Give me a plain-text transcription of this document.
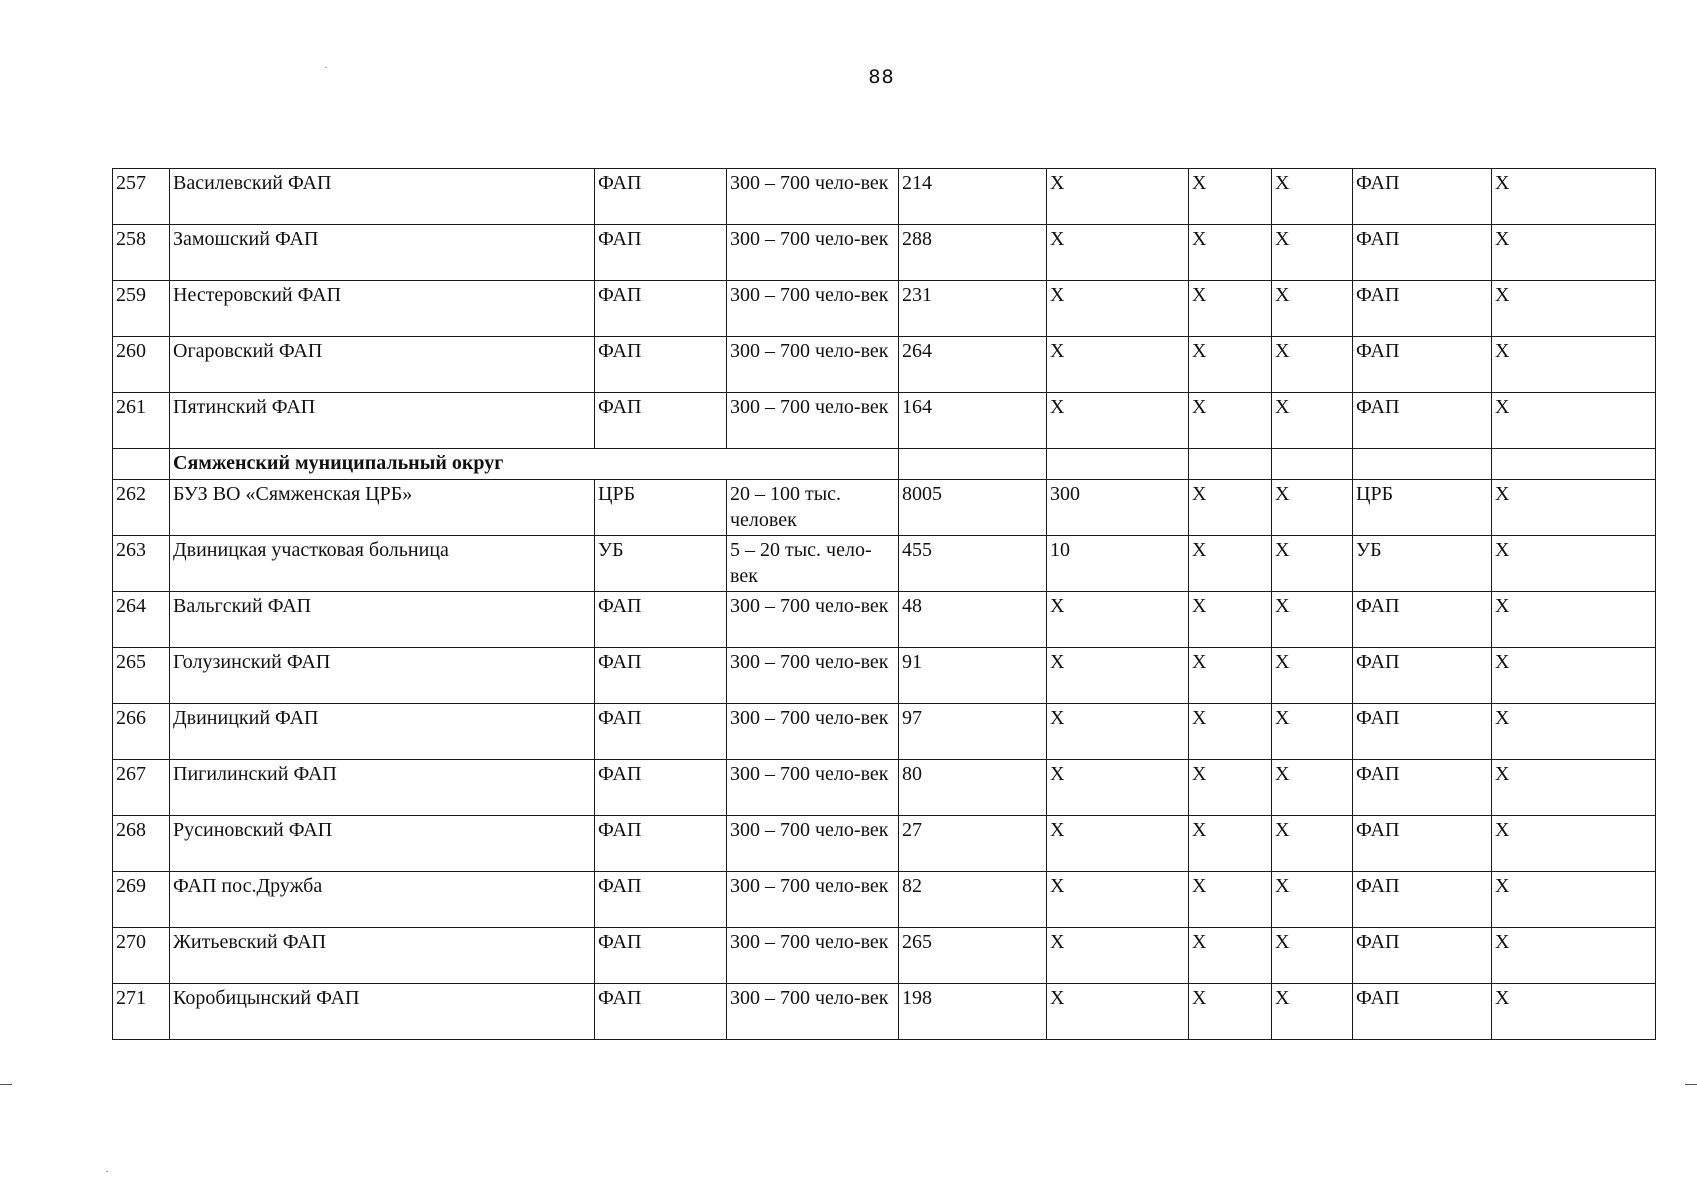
88
257	Василевский ФАП	ФАП	300 – 700 чело-век	214	Х	Х	Х	ФАП	Х
258	Замошский ФАП	ФАП	300 – 700 чело-век	288	Х	Х	Х	ФАП	Х
259	Нестеровский ФАП	ФАП	300 – 700 чело-век	231	Х	Х	Х	ФАП	Х
260	Огаровский ФАП	ФАП	300 – 700 чело-век	264	Х	Х	Х	ФАП	Х
261	Пятинский ФАП	ФАП	300 – 700 чело-век	164	Х	Х	Х	ФАП	Х
	Сямженский муниципальный округ								
262	БУЗ ВО «Сямженская ЦРБ»	ЦРБ	20 – 100 тыс. человек	8005	300	Х	Х	ЦРБ	Х
263	Двиницкая участковая больница	УБ	5 – 20 тыс. чело-век	455	10	Х	Х	УБ	Х
264	Вальгский ФАП	ФАП	300 – 700 чело-век	48	Х	Х	Х	ФАП	Х
265	Голузинский ФАП	ФАП	300 – 700 чело-век	91	Х	Х	Х	ФАП	Х
266	Двиницкий ФАП	ФАП	300 – 700 чело-век	97	Х	Х	Х	ФАП	Х
267	Пигилинский ФАП	ФАП	300 – 700 чело-век	80	Х	Х	Х	ФАП	Х
268	Русиновский ФАП	ФАП	300 – 700 чело-век	27	Х	Х	Х	ФАП	Х
269	ФАП пос.Дружба	ФАП	300 – 700 чело-век	82	Х	Х	Х	ФАП	Х
270	Житьевский ФАП	ФАП	300 – 700 чело-век	265	Х	Х	Х	ФАП	Х
271	Коробицынский ФАП	ФАП	300 – 700 чело-век	198	Х	Х	Х	ФАП	Х
